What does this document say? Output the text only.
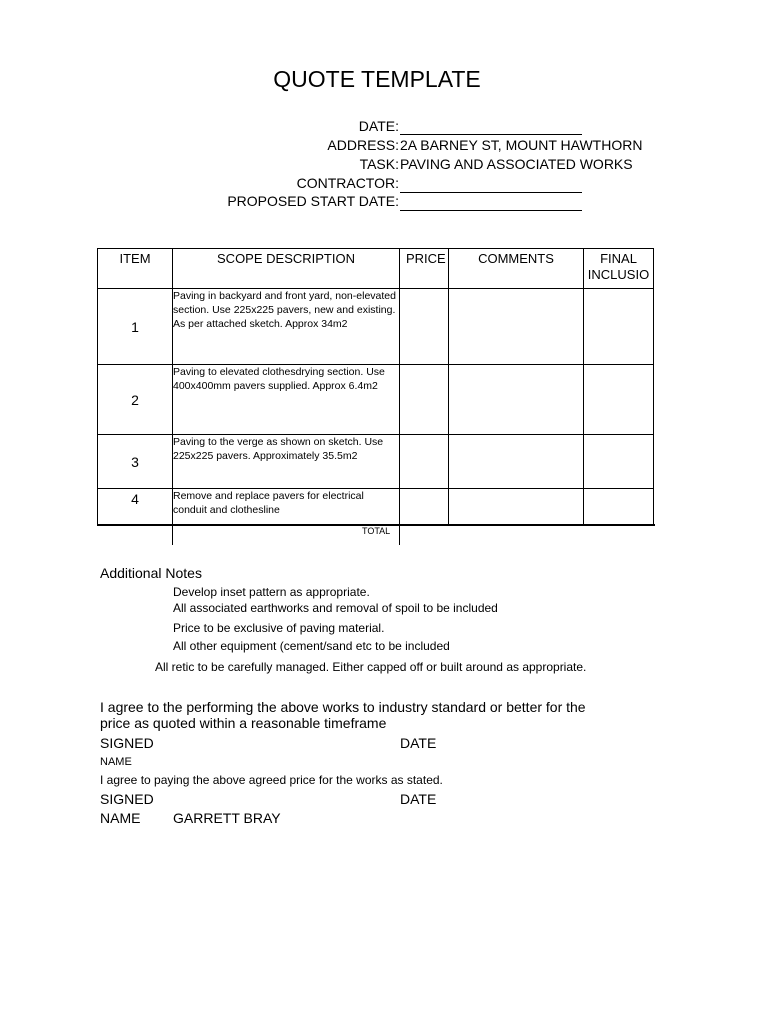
QUOTE TEMPLATE
DATE:
ADDRESS: 2A BARNEY ST, MOUNT HAWTHORN
TASK: PAVING AND ASSOCIATED WORKS
CONTRACTOR:
PROPOSED START DATE:
ITEM	SCOPE DESCRIPTION	PRICE	COMMENTS	FINAL INCLUSIO
1	Paving in backyard and front yard, non-elevated section. Use 225x225 pavers, new and existing. As per attached sketch. Approx 34m2			
2	Paving to elevated clothesdrying section. Use 400x400mm pavers supplied. Approx 6.4m2			
3	Paving to the verge as shown on sketch. Use 225x225 pavers. Approximately 35.5m2			
4	Remove and replace pavers for electrical conduit and clothesline			
TOTAL
Additional Notes
Develop inset pattern as appropriate.
All associated earthworks and removal of spoil to be included
Price to be exclusive of paving material.
All other equipment (cement/sand etc to be included
All retic to be carefully managed. Either capped off or built around as appropriate.
I agree to the performing the above works to industry standard or better for the
price as quoted within a reasonable timeframe
SIGNED	DATE
NAME
I agree to paying the above agreed price for the works as stated.
SIGNED	DATE
NAME GARRETT BRAY
